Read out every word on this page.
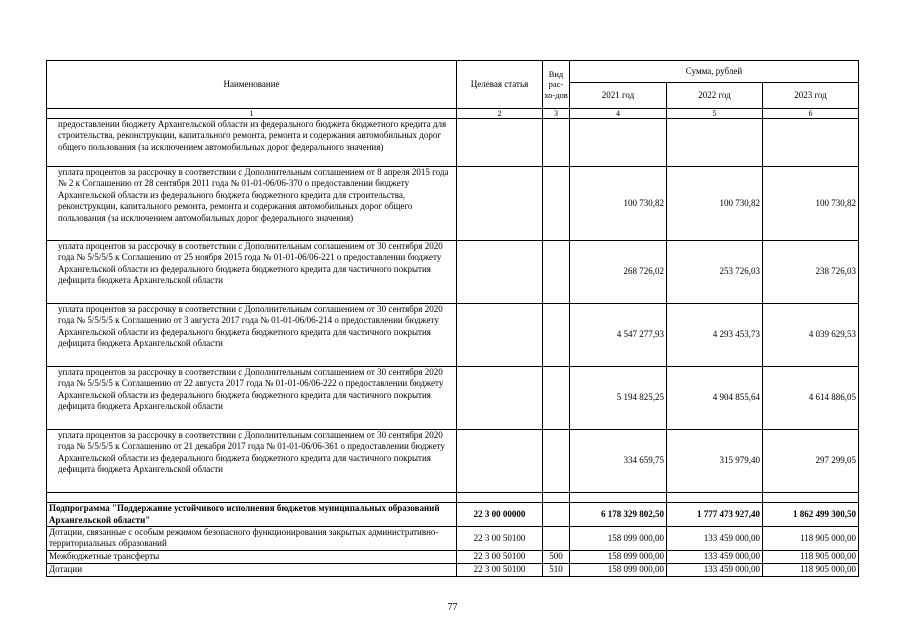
Наименование	Целевая статья	Вид рас-хо-дов	Сумма, рублей		
			2021 год	2022 год	2023 год
1	2	3	4	5	6
предоставлении бюджету Архангельской области из федерального бюджета бюджетного кредита для строительства, реконструкции, капитального ремонта, ремонта и содержания автомобильных дорог общего пользования (за исключением автомобильных дорог федерального значения)					
уплата процентов за рассрочку в соответствии с Дополнительным соглашением от 8 апреля 2015 года № 2 к Соглашению от 28 сентября 2011 года № 01-01-06/06-370 о предоставлении бюджету Архангельской области из федерального бюджета бюджетного кредита для строительства, реконструкции, капитального ремонта, ремонта и содержания автомобильных дорог общего пользования (за исключением автомобильных дорог федерального значения)			100 730,82	100 730,82	100 730,82
уплата процентов за рассрочку в соответствии с Дополнительным соглашением от 30 сентября 2020 года № 5/5/5/5 к Соглашению от 25 ноября 2015 года № 01-01-06/06-221 о предоставлении бюджету Архангельской области из федерального бюджета бюджетного кредита для частичного покрытия дефицита бюджета Архангельской области			268 726,02	253 726,03	238 726,03
уплата процентов за рассрочку в соответствии с Дополнительным соглашением от 30 сентября 2020 года № 5/5/5/5 к Соглашению от 3 августа 2017 года № 01-01-06/06-214 о предоставлении бюджету Архангельской области из федерального бюджета бюджетного кредита для частичного покрытия дефицита бюджета Архангельской области			4 547 277,93	4 293 453,73	4 039 629,53
уплата процентов за рассрочку в соответствии с Дополнительным соглашением от 30 сентября 2020 года № 5/5/5/5 к Соглашению от 22 августа 2017 года № 01-01-06/06-222 о предоставлении бюджету Архангельской области из федерального бюджета бюджетного кредита для частичного покрытия дефицита бюджета Архангельской области			5 194 825,25	4 904 855,64	4 614 886,05
уплата процентов за рассрочку в соответствии с Дополнительным соглашением от 30 сентября 2020 года № 5/5/5/5 к Соглашению от 21 декабря 2017 года № 01-01-06/06-361 о предоставлении бюджету Архангельской области из федерального бюджета бюджетного кредита для частичного покрытия дефицита бюджета Архангельской области			334 659,75	315 979,40	297 299,05

Подпрограмма "Поддержание устойчивого исполнения бюджетов муниципальных образований Архангельской области"	22 3 00 00000		6 178 329 802,50	1 777 473 927,40	1 862 499 300,50
Дотации, связанные с особым режимом безопасного функционирования закрытых административно-территориальных образований	22 3 00 50100		158 099 000,00	133 459 000,00	118 905 000,00
Межбюджетные трансферты	22 3 00 50100	500	158 099 000,00	133 459 000,00	118 905 000,00
Дотации	22 3 00 50100	510	158 099 000,00	133 459 000,00	118 905 000,00
77
